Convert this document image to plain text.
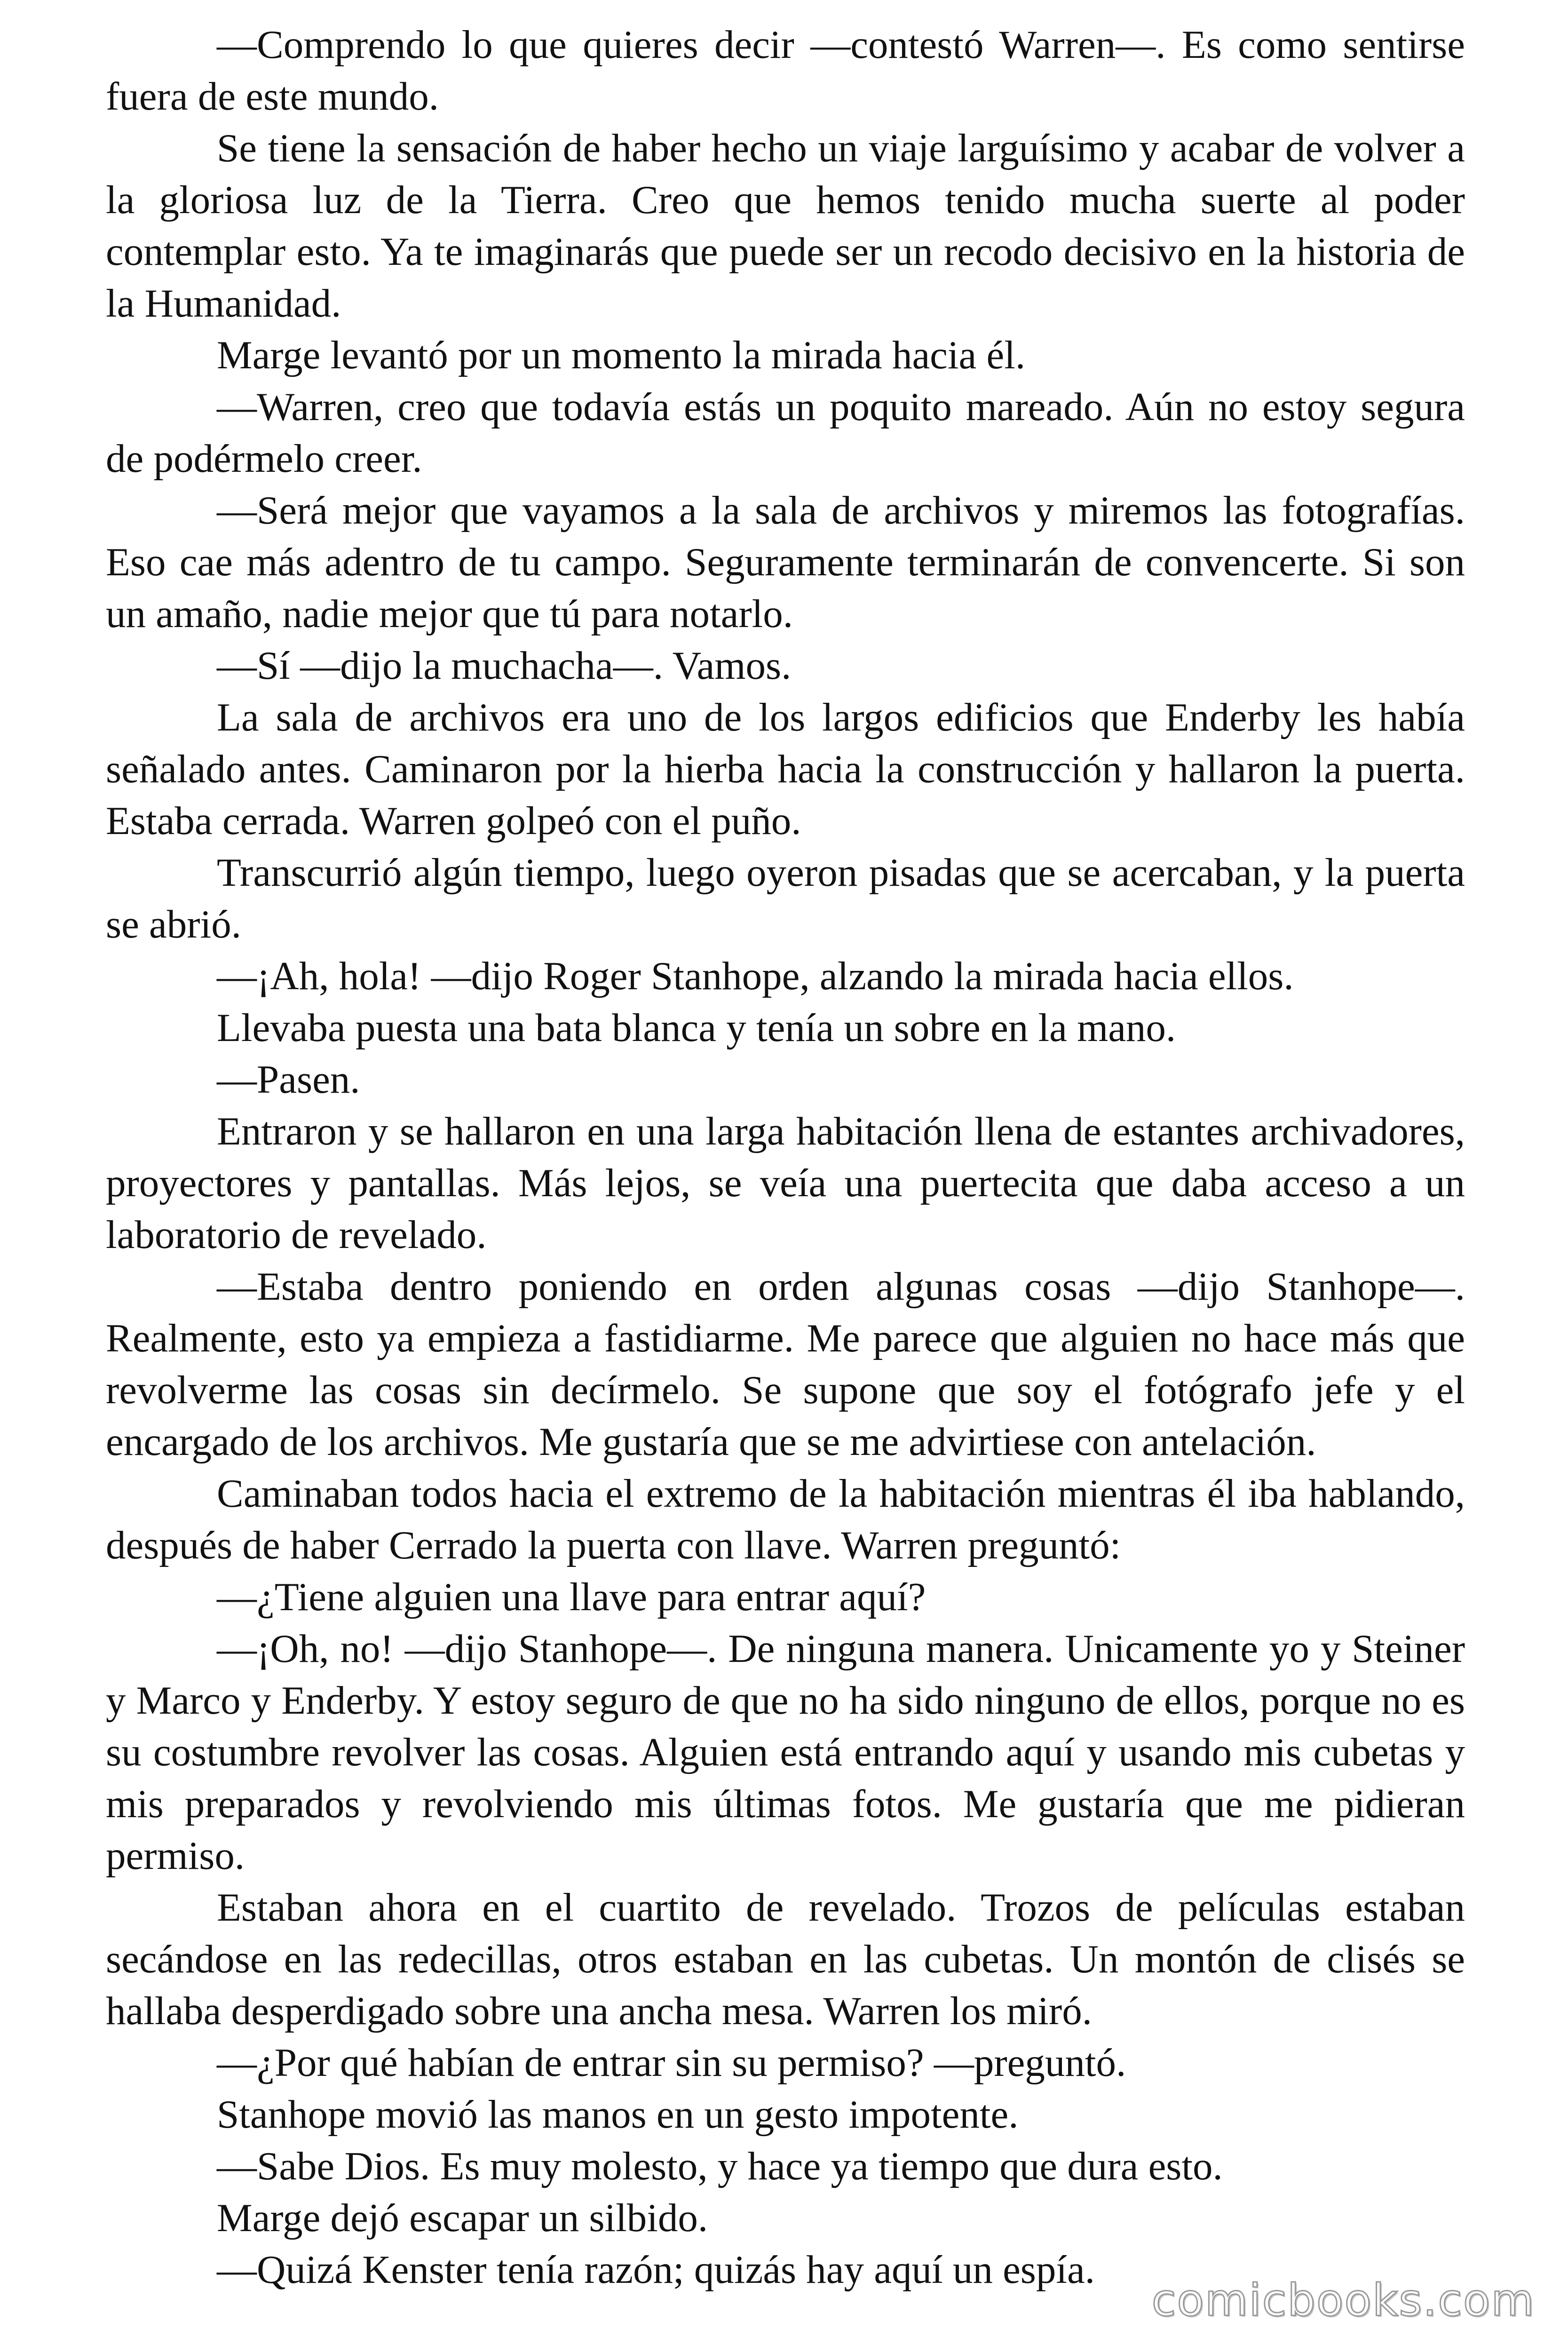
—Comprendo lo que quieres decir —contestó Warren—. Es como sentirse fuera de este mundo.

Se tiene la sensación de haber hecho un viaje larguísimo y acabar de volver a la gloriosa luz de la Tierra. Creo que hemos tenido mucha suerte al poder contemplar esto. Ya te imaginarás que puede ser un recodo decisivo en la historia de la Humanidad.

Marge levantó por un momento la mirada hacia él.

—Warren, creo que todavía estás un poquito mareado. Aún no estoy segura de podérmelo creer.

—Será mejor que vayamos a la sala de archivos y miremos las fotografías. Eso cae más adentro de tu campo. Seguramente terminarán de convencerte. Si son un amaño, nadie mejor que tú para notarlo.

—Sí —dijo la muchacha—. Vamos.

La sala de archivos era uno de los largos edificios que Enderby les había señalado antes. Caminaron por la hierba hacia la construcción y hallaron la puerta. Estaba cerrada. Warren golpeó con el puño.

Transcurrió algún tiempo, luego oyeron pisadas que se acercaban, y la puerta se abrió.

—¡Ah, hola! —dijo Roger Stanhope, alzando la mirada hacia ellos.

Llevaba puesta una bata blanca y tenía un sobre en la mano.

—Pasen.

Entraron y se hallaron en una larga habitación llena de estantes archivadores, proyectores y pantallas. Más lejos, se veía una puertecita que daba acceso a un laboratorio de revelado.

—Estaba dentro poniendo en orden algunas cosas —dijo Stanhope—. Realmente, esto ya empieza a fastidiarme. Me parece que alguien no hace más que revolverme las cosas sin decírmelo. Se supone que soy el fotógrafo jefe y el encargado de los archivos. Me gustaría que se me advirtiese con antelación.

Caminaban todos hacia el extremo de la habitación mientras él iba hablando, después de haber Cerrado la puerta con llave. Warren preguntó:

—¿Tiene alguien una llave para entrar aquí?

—¡Oh, no! —dijo Stanhope—. De ninguna manera. Unicamente yo y Steiner y Marco y Enderby. Y estoy seguro de que no ha sido ninguno de ellos, porque no es su costumbre revolver las cosas. Alguien está entrando aquí y usando mis cubetas y mis preparados y revolviendo mis últimas fotos. Me gustaría que me pidieran permiso.

Estaban ahora en el cuartito de revelado. Trozos de películas estaban secándose en las redecillas, otros estaban en las cubetas. Un montón de clisés se hallaba desperdigado sobre una ancha mesa. Warren los miró.

—¿Por qué habían de entrar sin su permiso? —preguntó.

Stanhope movió las manos en un gesto impotente.

—Sabe Dios. Es muy molesto, y hace ya tiempo que dura esto.

Marge dejó escapar un silbido.

—Quizá Kenster tenía razón; quizás hay aquí un espía.

comicbooks.com
